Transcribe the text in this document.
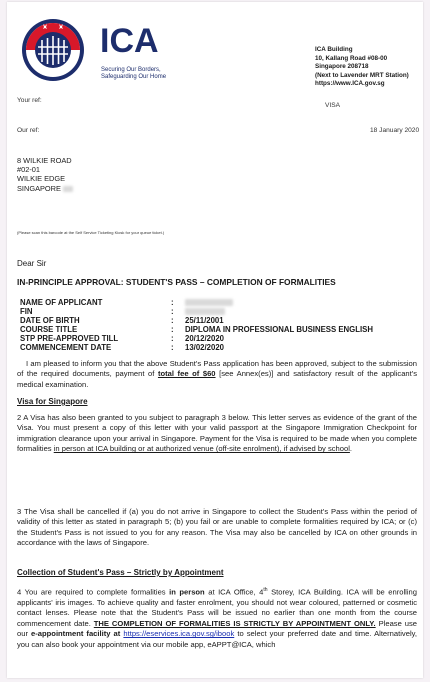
ICA
Securing Our Borders, Safeguarding Our Home
ICA Building
10, Kallang Road #08-00
Singapore 208718
(Next to Lavender MRT Station)
https://www.ICA.gov.sg
Your ref:
VISA
Our ref:	18 January 2020
8 WILKIE ROAD
#02-01
WILKIE EDGE
SINGAPORE
(Please scan this barcode at the Self Service Ticketing Kiosk for your queue ticket.)
Dear Sir
IN-PRINCIPLE APPROVAL: STUDENT'S PASS – COMPLETION OF FORMALITIES
NAME OF APPLICANT	:
FIN	:
DATE OF BIRTH	: 25/11/2001
COURSE TITLE	: DIPLOMA IN PROFESSIONAL BUSINESS ENGLISH
STP PRE-APPROVED TILL	: 20/12/2020
COMMENCEMENT DATE	: 13/02/2020
I am pleased to inform you that the above Student's Pass application has been approved, subject to the submission of the required documents, payment of total fee of $60 [see Annex(es)] and satisfactory result of the applicant's medical examination.
Visa for Singapore
2 A Visa has also been granted to you subject to paragraph 3 below. This letter serves as evidence of the grant of the Visa. You must present a copy of this letter with your valid passport at the Singapore Immigration Checkpoint for immigration clearance upon your arrival in Singapore. Payment for the Visa is required to be made when you complete formalities in person at ICA building or at authorized venue (off-site enrolment), if advised by school.
3 The Visa shall be cancelled if (a) you do not arrive in Singapore to collect the Student's Pass within the period of validity of this letter as stated in paragraph 5; (b) you fail or are unable to complete formalities required by ICA; or (c) the Student's Pass is not issued to you for any reason. The Visa may also be cancelled by ICA on other grounds in accordance with the laws of Singapore.
Collection of Student's Pass – Strictly by Appointment
4 You are required to complete formalities in person at ICA Office, 4th Storey, ICA Building. ICA will be enrolling applicants' iris images. To achieve quality and faster enrolment, you should not wear coloured, patterned or cosmetic contact lenses. Please note that the Student's Pass will be issued no earlier than one month from the course commencement date. THE COMPLETION OF FORMALITIES IS STRICTLY BY APPOINTMENT ONLY. Please use our e-appointment facility at https://eservices.ica.gov.sg/ibook to select your preferred date and time. Alternatively, you can also book your appointment via our mobile app, eAPPT@ICA, which
